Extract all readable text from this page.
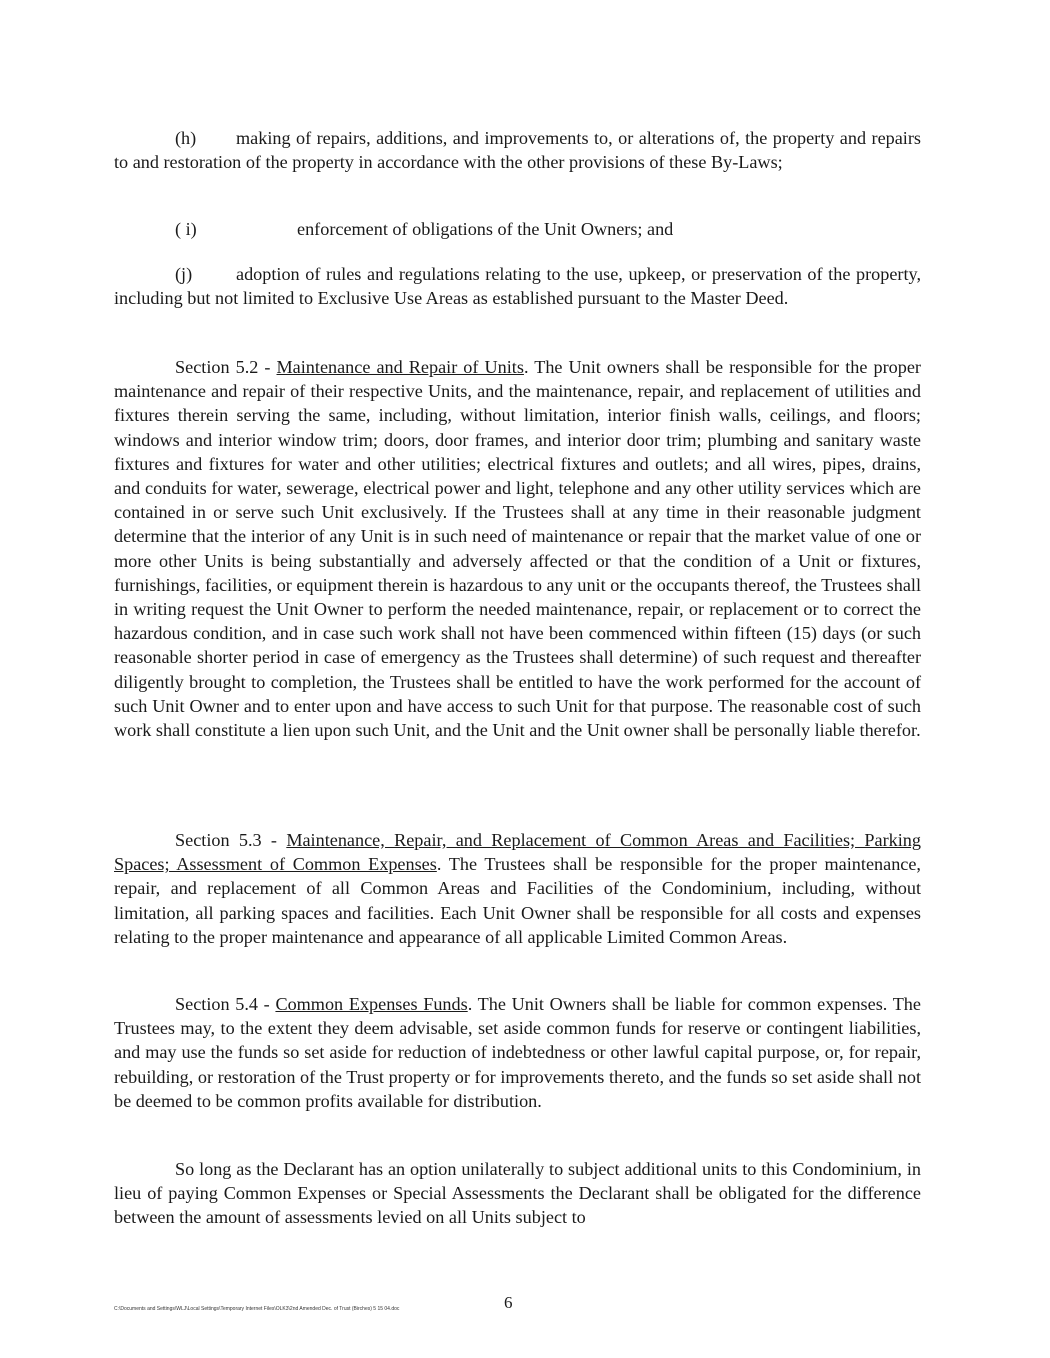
(h) making of repairs, additions, and improvements to, or alterations of, the property and repairs to and restoration of the property in accordance with the other provisions of these By-Laws;

( i)	enforcement of obligations of the Unit Owners; and

(j) adoption of rules and regulations relating to the use, upkeep, or preservation of the property, including but not limited to Exclusive Use Areas as established pursuant to the Master Deed.

Section 5.2 - Maintenance and Repair of Units. The Unit owners shall be responsible for the proper maintenance and repair of their respective Units, and the maintenance, repair, and replacement of utilities and fixtures therein serving the same, including, without limitation, interior finish walls, ceilings, and floors; windows and interior window trim; doors, door frames, and interior door trim; plumbing and sanitary waste fixtures and fixtures for water and other utilities; electrical fixtures and outlets; and all wires, pipes, drains, and conduits for water, sewerage, electrical power and light, telephone and any other utility services which are contained in or serve such Unit exclusively. If the Trustees shall at any time in their reasonable judgment determine that the interior of any Unit is in such need of maintenance or repair that the market value of one or more other Units is being substantially and adversely affected or that the condition of a Unit or fixtures, furnishings, facilities, or equipment therein is hazardous to any unit or the occupants thereof, the Trustees shall in writing request the Unit Owner to perform the needed maintenance, repair, or replacement or to correct the hazardous condition, and in case such work shall not have been commenced within fifteen (15) days (or such reasonable shorter period in case of emergency as the Trustees shall determine) of such request and thereafter diligently brought to completion, the Trustees shall be entitled to have the work performed for the account of such Unit Owner and to enter upon and have access to such Unit for that purpose. The reasonable cost of such work shall constitute a lien upon such Unit, and the Unit and the Unit owner shall be personally liable therefor.

Section 5.3 - Maintenance, Repair, and Replacement of Common Areas and Facilities; Parking Spaces; Assessment of Common Expenses. The Trustees shall be responsible for the proper maintenance, repair, and replacement of all Common Areas and Facilities of the Condominium, including, without limitation, all parking spaces and facilities. Each Unit Owner shall be responsible for all costs and expenses relating to the proper maintenance and appearance of all applicable Limited Common Areas.

Section 5.4 - Common Expenses Funds. The Unit Owners shall be liable for common expenses. The Trustees may, to the extent they deem advisable, set aside common funds for reserve or contingent liabilities, and may use the funds so set aside for reduction of indebtedness or other lawful capital purpose, or, for repair, rebuilding, or restoration of the Trust property or for improvements thereto, and the funds so set aside shall not be deemed to be common profits available for distribution.

So long as the Declarant has an option unilaterally to subject additional units to this Condominium, in lieu of paying Common Expenses or Special Assessments the Declarant shall be obligated for the difference between the amount of assessments levied on all Units subject to

C:\Documents and Settings\WLJ\Local Settings\Temporary Internet Files\OLK3\2nd Amended Dec. of Trust (Birches) 5 15 04.doc	6
